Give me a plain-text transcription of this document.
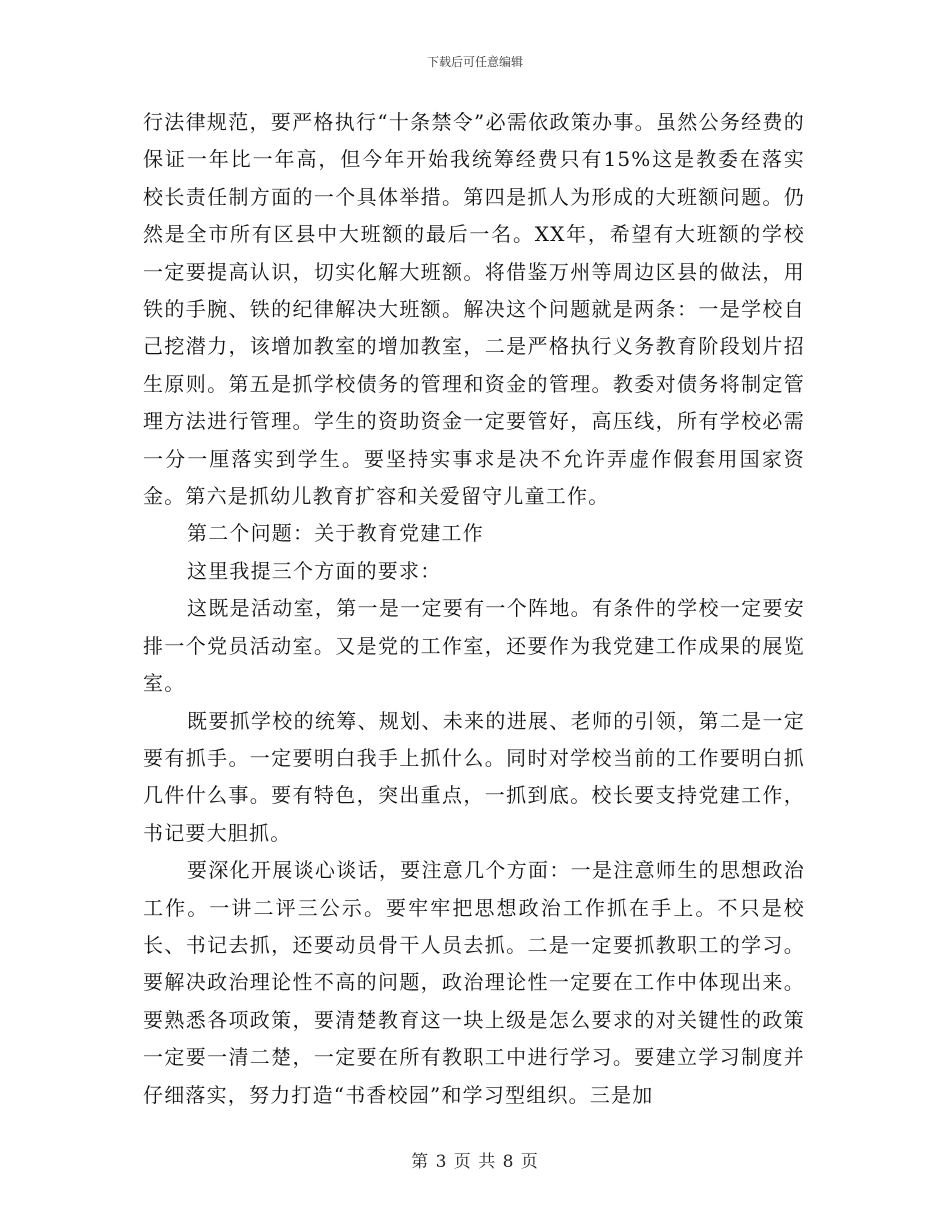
下载后可任意编辑

行法律规范，要严格执行“十条禁令”必需依政策办事。虽然公务经费的保证一年比一年高，但今年开始我统筹经费只有15%这是教委在落实校长责任制方面的一个具体举措。第四是抓人为形成的大班额问题。仍然是全市所有区县中大班额的最后一名。XX年，希望有大班额的学校一定要提高认识，切实化解大班额。将借鉴万州等周边区县的做法，用铁的手腕、铁的纪律解决大班额。解决这个问题就是两条：一是学校自己挖潜力，该增加教室的增加教室，二是严格执行义务教育阶段划片招生原则。第五是抓学校债务的管理和资金的管理。教委对债务将制定管理方法进行管理。学生的资助资金一定要管好，高压线，所有学校必需一分一厘落实到学生。要坚持实事求是决不允许弄虚作假套用国家资金。第六是抓幼儿教育扩容和关爱留守儿童工作。

第二个问题：关于教育党建工作

这里我提三个方面的要求：

这既是活动室，第一是一定要有一个阵地。有条件的学校一定要安排一个党员活动室。又是党的工作室，还要作为我党建工作成果的展览室。

既要抓学校的统筹、规划、未来的进展、老师的引领，第二是一定要有抓手。一定要明白我手上抓什么。同时对学校当前的工作要明白抓几件什么事。要有特色，突出重点，一抓到底。校长要支持党建工作，书记要大胆抓。

要深化开展谈心谈话，要注意几个方面：一是注意师生的思想政治工作。一讲二评三公示。要牢牢把思想政治工作抓在手上。不只是校长、书记去抓，还要动员骨干人员去抓。二是一定要抓教职工的学习。要解决政治理论性不高的问题，政治理论性一定要在工作中体现出来。要熟悉各项政策，要清楚教育这一块上级是怎么要求的对关键性的政策一定要一清二楚，一定要在所有教职工中进行学习。要建立学习制度并仔细落实，努力打造“书香校园”和学习型组织。三是加

第 3 页 共 8 页
